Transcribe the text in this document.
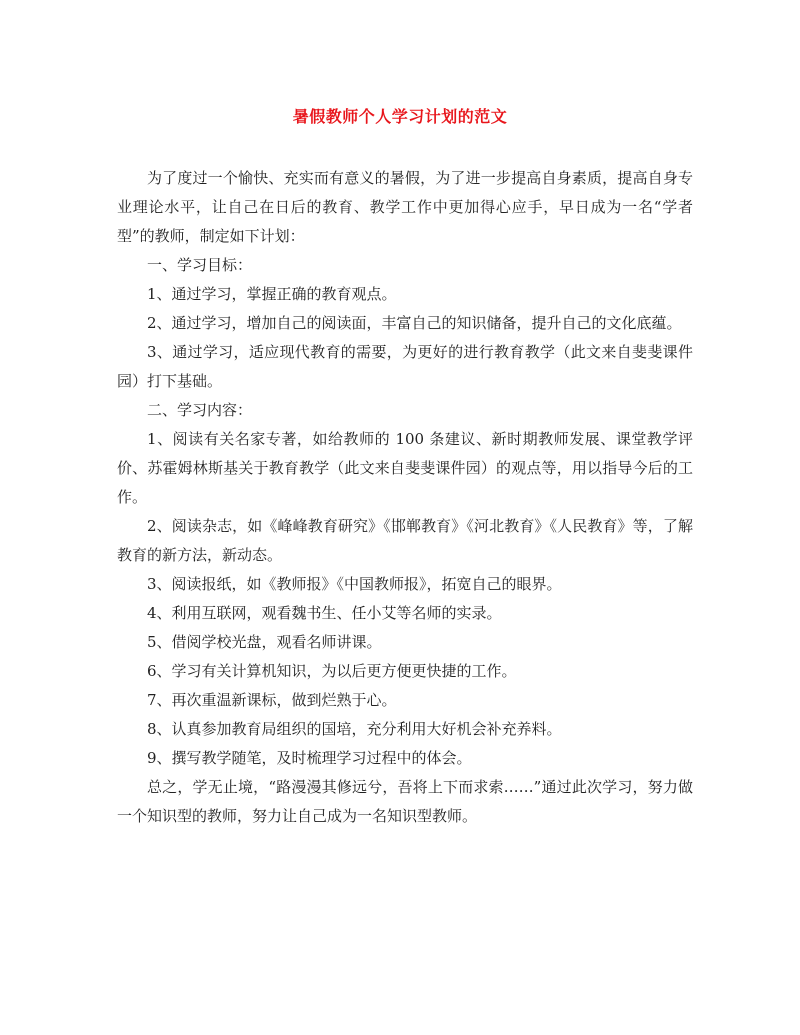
暑假教师个人学习计划的范文

为了度过一个愉快、充实而有意义的暑假，为了进一步提高自身素质，提高自身专业理论水平，让自己在日后的教育、教学工作中更加得心应手，早日成为一名“学者型”的教师，制定如下计划：

一、学习目标：

1、通过学习，掌握正确的教育观点。

2、通过学习，增加自己的阅读面，丰富自己的知识储备，提升自己的文化底蕴。

3、通过学习，适应现代教育的需要，为更好的进行教育教学（此文来自斐斐课件园）打下基础。

二、学习内容：

1、阅读有关名家专著，如给教师的 100 条建议、新时期教师发展、课堂教学评价、苏霍姆林斯基关于教育教学（此文来自斐斐课件园）的观点等，用以指导今后的工作。

2、阅读杂志，如《峰峰教育研究》《邯郸教育》《河北教育》《人民教育》等，了解教育的新方法，新动态。

3、阅读报纸，如《教师报》《中国教师报》，拓宽自己的眼界。

4、利用互联网，观看魏书生、任小艾等名师的实录。

5、借阅学校光盘，观看名师讲课。

6、学习有关计算机知识，为以后更方便更快捷的工作。

7、再次重温新课标，做到烂熟于心。

8、认真参加教育局组织的国培，充分利用大好机会补充养料。

9、撰写教学随笔，及时梳理学习过程中的体会。

总之，学无止境，“路漫漫其修远兮，吾将上下而求索……”通过此次学习，努力做一个知识型的教师，努力让自己成为一名知识型教师。
